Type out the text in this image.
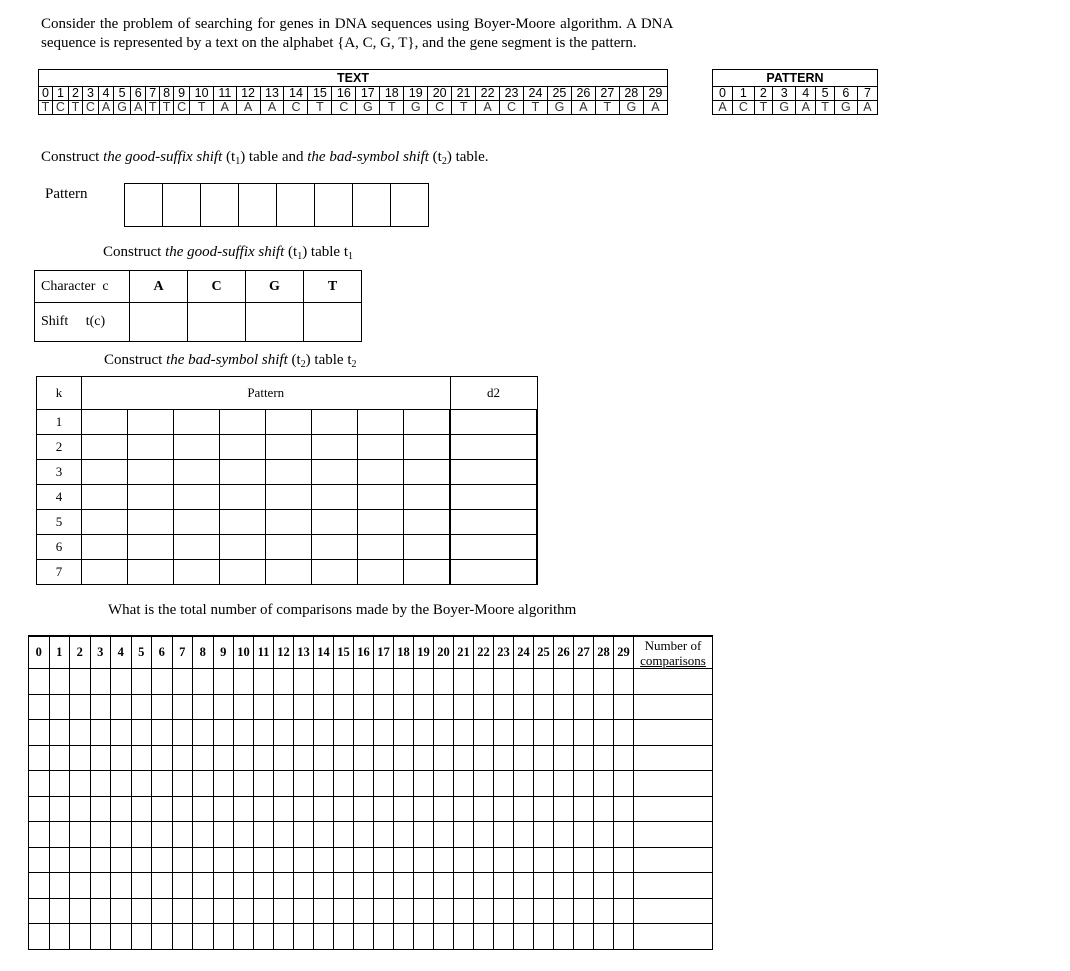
Consider the problem of searching for genes in DNA sequences using Boyer-Moore algorithm. A DNA
sequence is represented by a text on the alphabet {A, C, G, T}, and the gene segment is the pattern.
TEXT																													
0	1	2	3	4	5	6	7	8	9	10	11	12	13	14	15	16	17	18	19	20	21	22	23	24	25	26	27	28	29
T	C	T	C	A	G	A	T	T	C	T	A	A	A	C	T	C	G	T	G	C	T	A	C	T	G	A	T	G	A
PATTERN							
0	1	2	3	4	5	6	7
A	C	T	G	A	T	G	A
Construct the good-suffix shift $(t_1)$ table and the bad-symbol shift $(t_2)$ table.
Pattern

Construct the good-suffix shift $(t_1)$ table $t_1$
Character  c	A	C	G	T
Shift     t(c)				
Construct the bad-symbol shift $(t_2)$ table $t_2$
k	Pattern								d2
1									
2									
3									
4									
5									
6									
7									
What is the total number of comparisons made by the Boyer-Moore algorithm
0	1	2	3	4	5	6	7	8	9	10	11	12	13	14	15	16	17	18	19	20	21	22	23	24	25	26	27	28	29	Number of
comparisons
